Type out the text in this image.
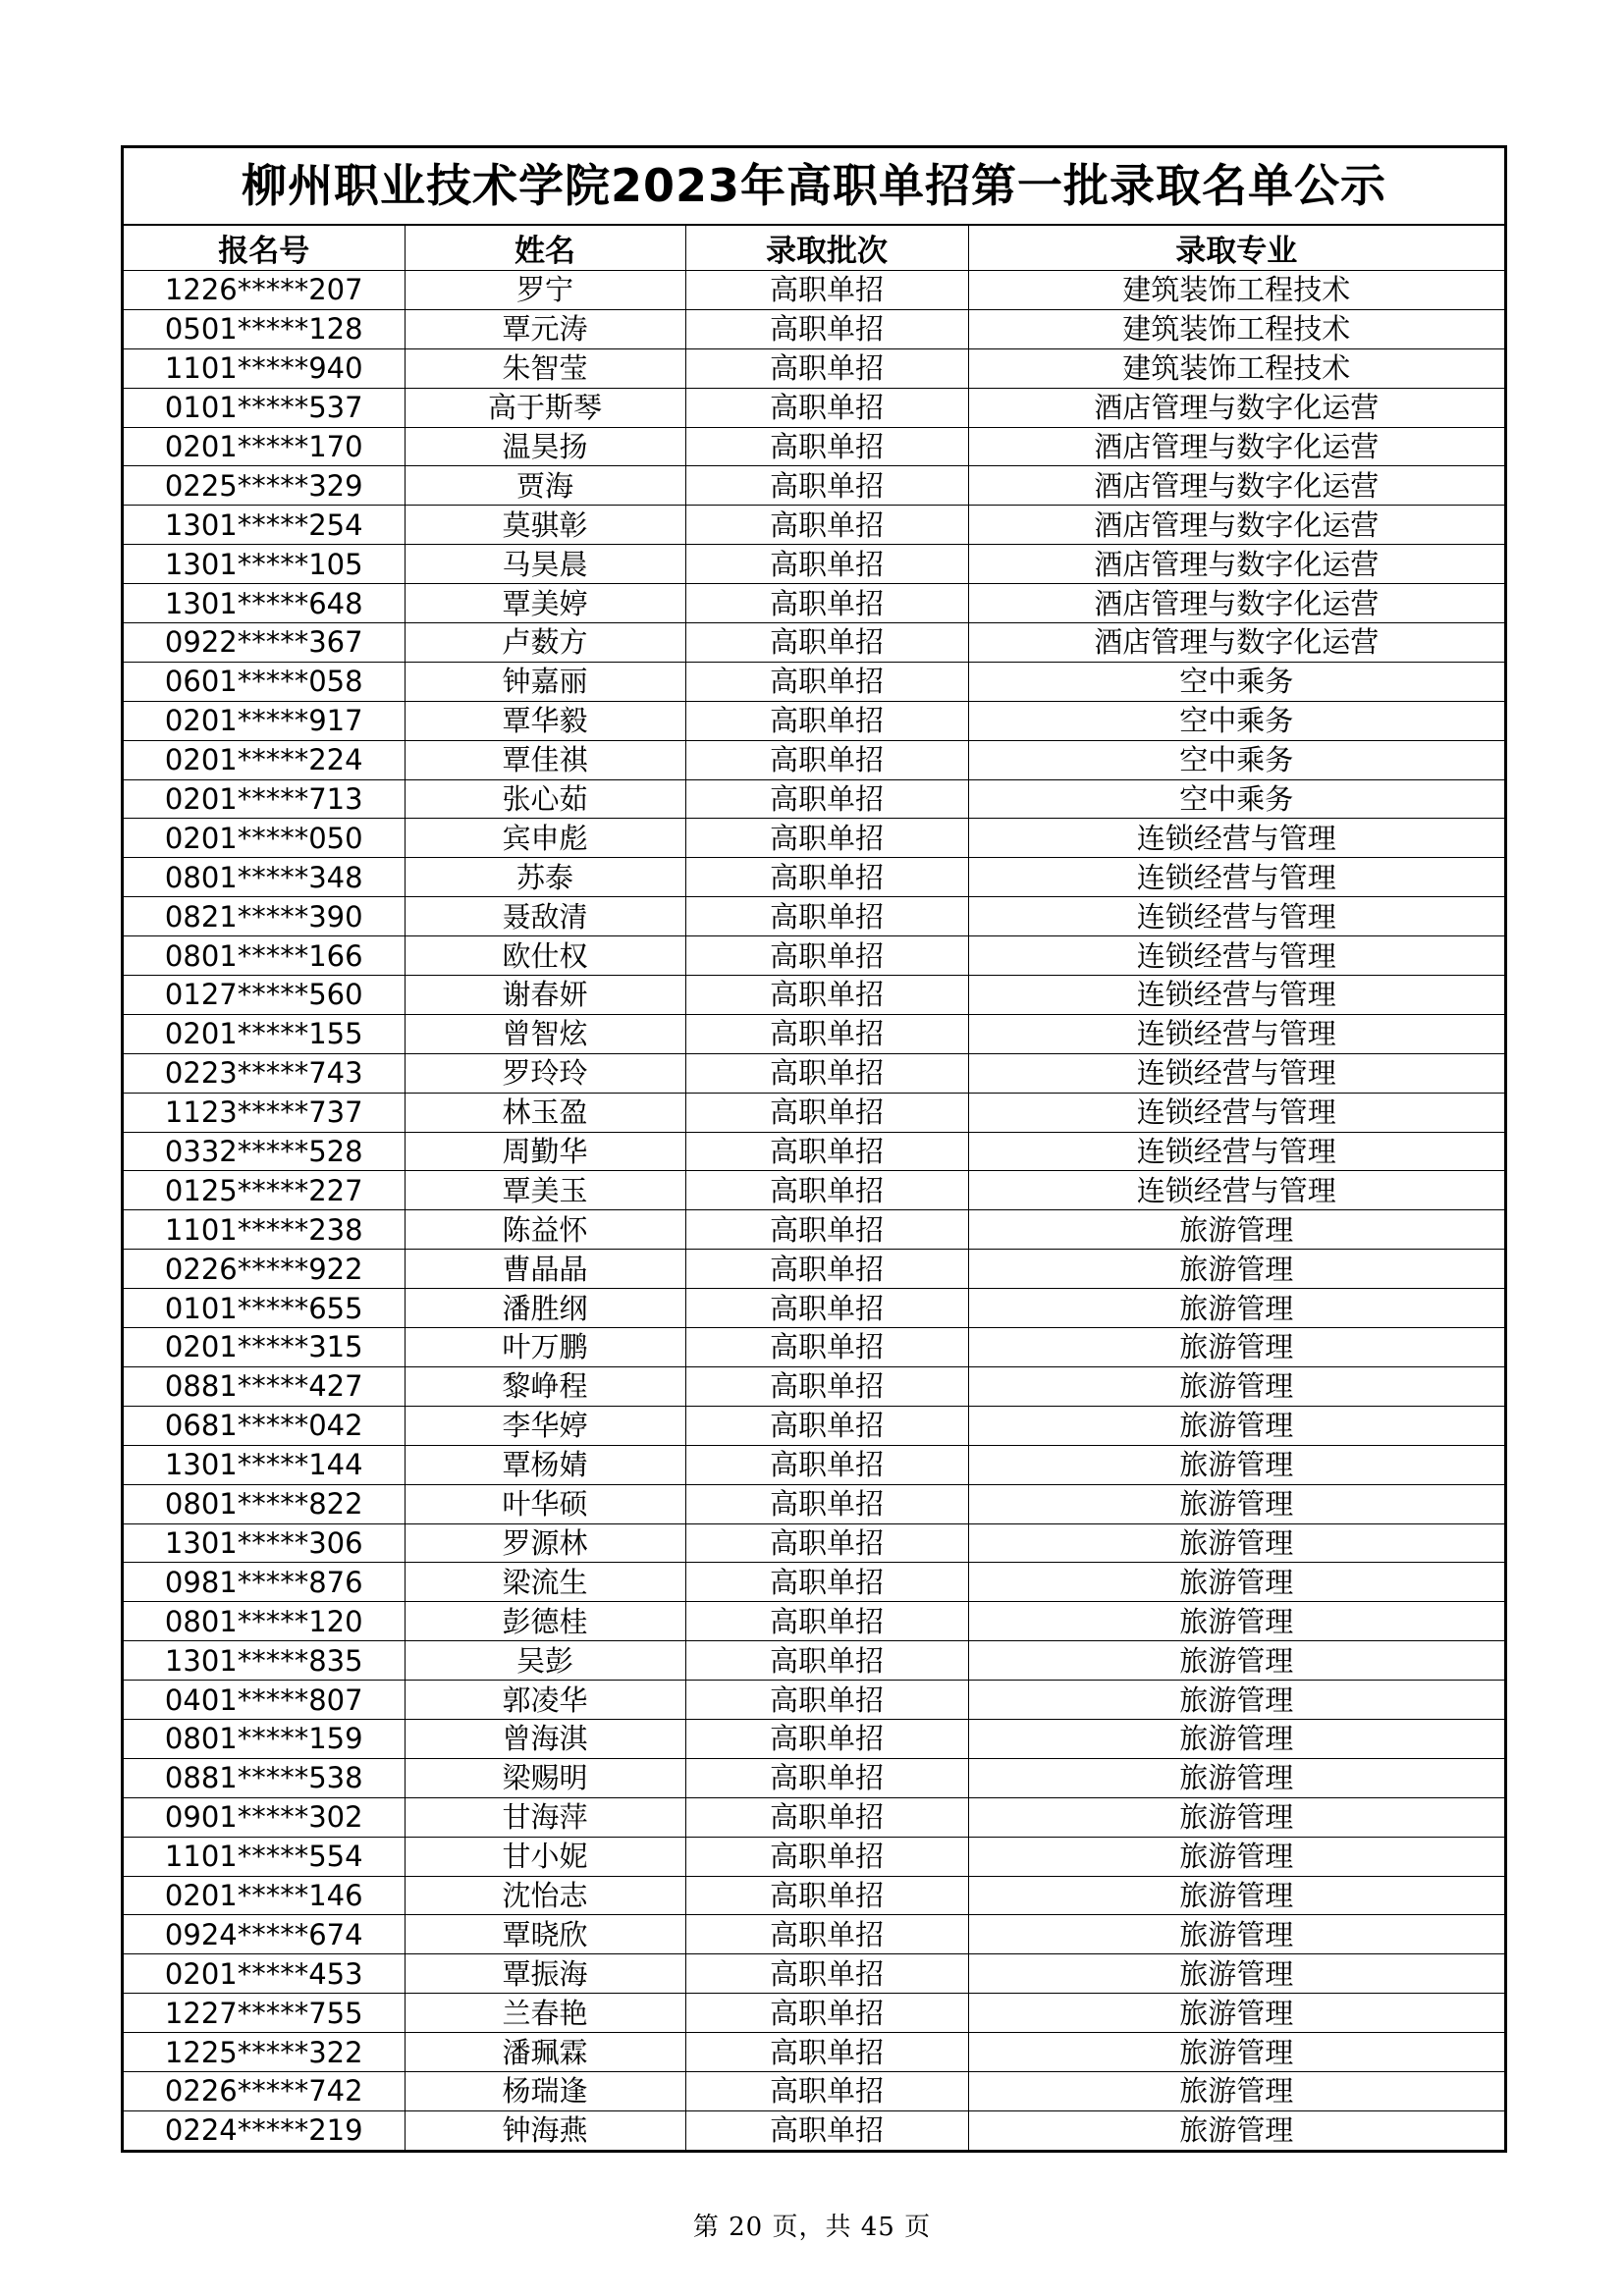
柳州职业技术学院2023年高职单招第一批录取名单公示
报名号	姓名	录取批次	录取专业
1226*****207	罗宁	高职单招	建筑装饰工程技术
0501*****128	覃元涛	高职单招	建筑装饰工程技术
1101*****940	朱智莹	高职单招	建筑装饰工程技术
0101*****537	高于斯琴	高职单招	酒店管理与数字化运营
0201*****170	温昊扬	高职单招	酒店管理与数字化运营
0225*****329	贾海	高职单招	酒店管理与数字化运营
1301*****254	莫骐彰	高职单招	酒店管理与数字化运营
1301*****105	马昊晨	高职单招	酒店管理与数字化运营
1301*****648	覃美婷	高职单招	酒店管理与数字化运营
0922*****367	卢薮方	高职单招	酒店管理与数字化运营
0601*****058	钟嘉丽	高职单招	空中乘务
0201*****917	覃华毅	高职单招	空中乘务
0201*****224	覃佳祺	高职单招	空中乘务
0201*****713	张心茹	高职单招	空中乘务
0201*****050	宾申彪	高职单招	连锁经营与管理
0801*****348	苏泰	高职单招	连锁经营与管理
0821*****390	聂敌清	高职单招	连锁经营与管理
0801*****166	欧仕权	高职单招	连锁经营与管理
0127*****560	谢春妍	高职单招	连锁经营与管理
0201*****155	曾智炫	高职单招	连锁经营与管理
0223*****743	罗玲玲	高职单招	连锁经营与管理
1123*****737	林玉盈	高职单招	连锁经营与管理
0332*****528	周勤华	高职单招	连锁经营与管理
0125*****227	覃美玉	高职单招	连锁经营与管理
1101*****238	陈益怀	高职单招	旅游管理
0226*****922	曹晶晶	高职单招	旅游管理
0101*****655	潘胜纲	高职单招	旅游管理
0201*****315	叶万鹏	高职单招	旅游管理
0881*****427	黎峥程	高职单招	旅游管理
0681*****042	李华婷	高职单招	旅游管理
1301*****144	覃杨婧	高职单招	旅游管理
0801*****822	叶华硕	高职单招	旅游管理
1301*****306	罗源林	高职单招	旅游管理
0981*****876	梁流生	高职单招	旅游管理
0801*****120	彭德桂	高职单招	旅游管理
1301*****835	吴彭	高职单招	旅游管理
0401*****807	郭凌华	高职单招	旅游管理
0801*****159	曾海淇	高职单招	旅游管理
0881*****538	梁赐明	高职单招	旅游管理
0901*****302	甘海萍	高职单招	旅游管理
1101*****554	甘小妮	高职单招	旅游管理
0201*****146	沈怡志	高职单招	旅游管理
0924*****674	覃晓欣	高职单招	旅游管理
0201*****453	覃振海	高职单招	旅游管理
1227*****755	兰春艳	高职单招	旅游管理
1225*****322	潘珮霖	高职单招	旅游管理
0226*****742	杨瑞逢	高职单招	旅游管理
0224*****219	钟海燕	高职单招	旅游管理
第 20 页，共 45 页
